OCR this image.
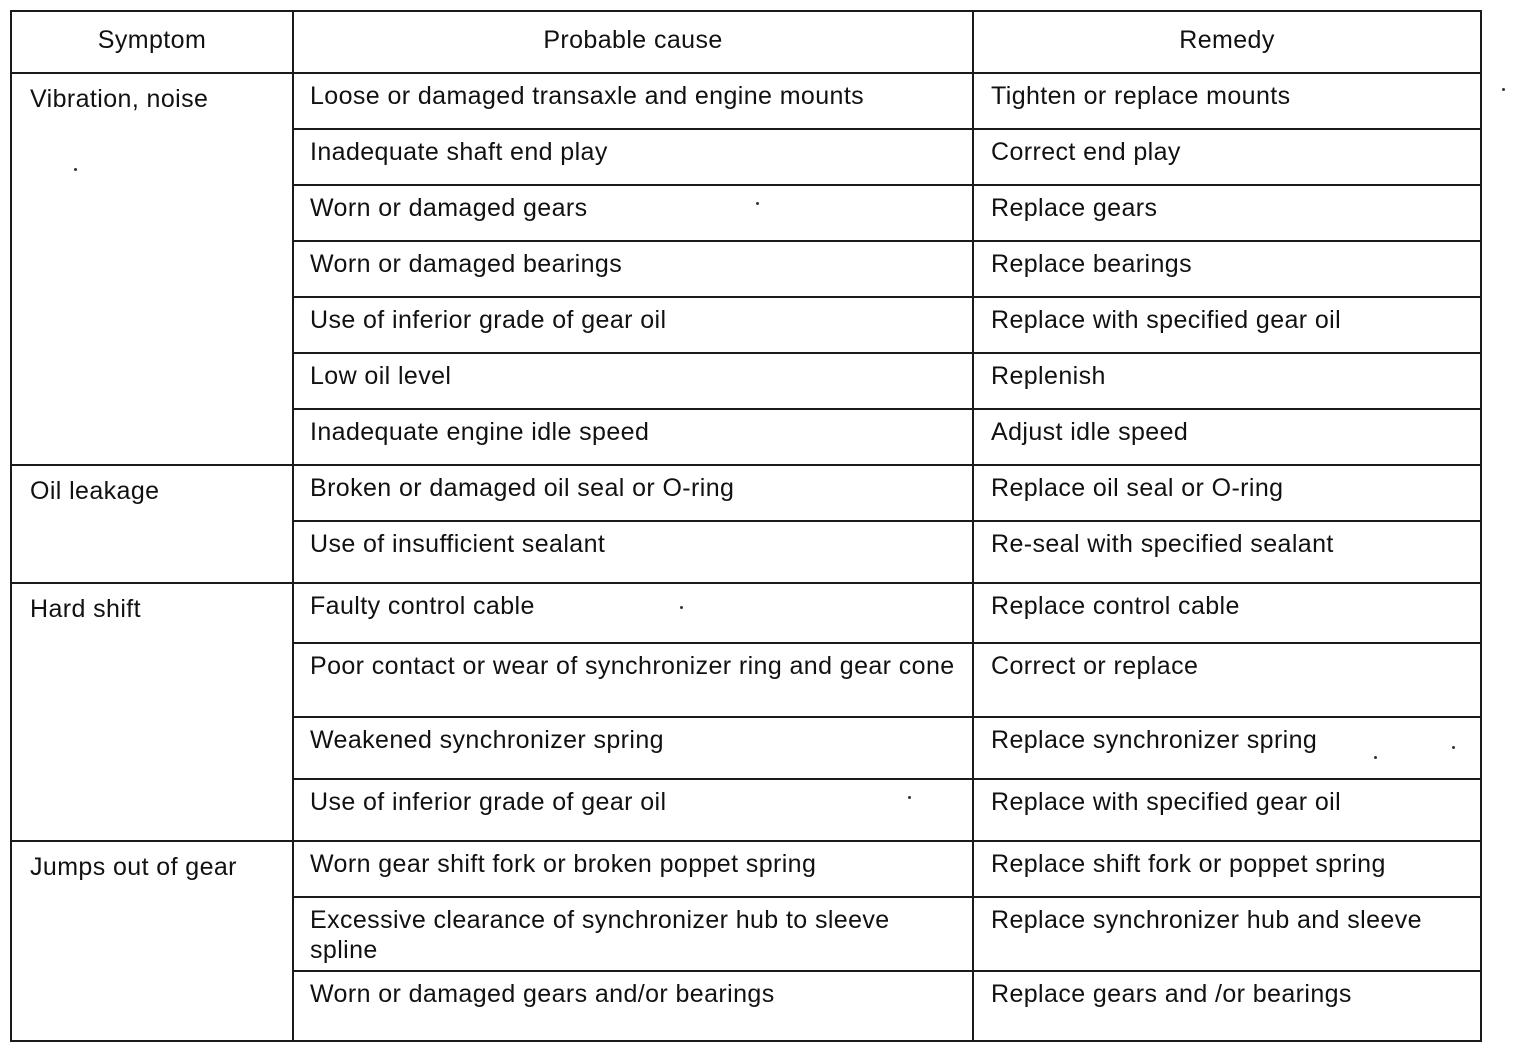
Symptom	Probable cause	Remedy
Vibration, noise	Loose or damaged transaxle and engine mounts	Tighten or replace mounts
	Inadequate shaft end play	Correct end play
	Worn or damaged gears	Replace gears
	Worn or damaged bearings	Replace bearings
	Use of inferior grade of gear oil	Replace with specified gear oil
	Low oil level	Replenish
	Inadequate engine idle speed	Adjust idle speed
Oil leakage	Broken or damaged oil seal or O-ring	Replace oil seal or O-ring
	Use of insufficient sealant	Re-seal with specified sealant
Hard shift	Faulty control cable	Replace control cable
	Poor contact or wear of synchronizer ring and gear cone	Correct or replace
	Weakened synchronizer spring	Replace synchronizer spring
	Use of inferior grade of gear oil	Replace with specified gear oil
Jumps out of gear	Worn gear shift fork or broken poppet spring	Replace shift fork or poppet spring
	Excessive clearance of synchronizer hub to sleeve spline	Replace synchronizer hub and sleeve
	Worn or damaged gears and/or bearings	Replace gears and /or bearings
